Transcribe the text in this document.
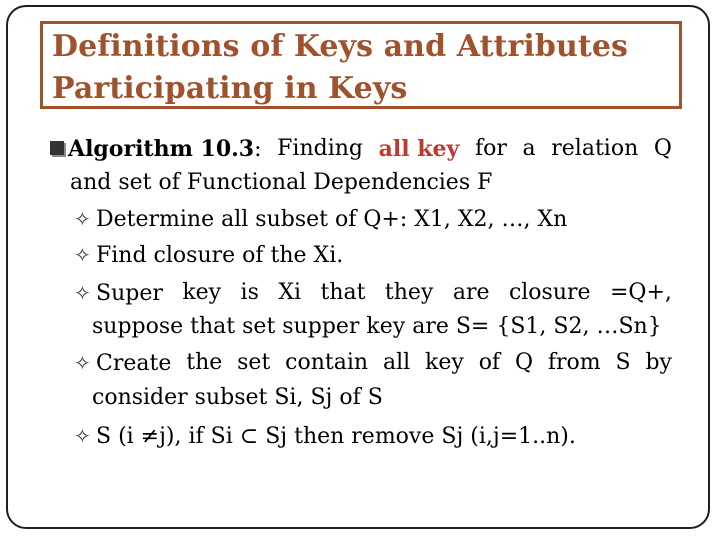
Definitions of Keys and Attributes
Participating in Keys
Algorithm 10.3: Finding all key for a relation Q
and set of Functional Dependencies F
✧ Determine all subset of Q+: X1, X2, …, Xn
✧ Find closure of the Xi.
✧ Super key is Xi that they are closure =Q+,
suppose that set supper key are S= {S1, S2, …Sn}
✧ Create the set contain all key of Q from S by
consider subset Si, Sj of S
✧ S (i ≠j), if Si ⊂ Sj then remove Sj (i,j=1..n).
